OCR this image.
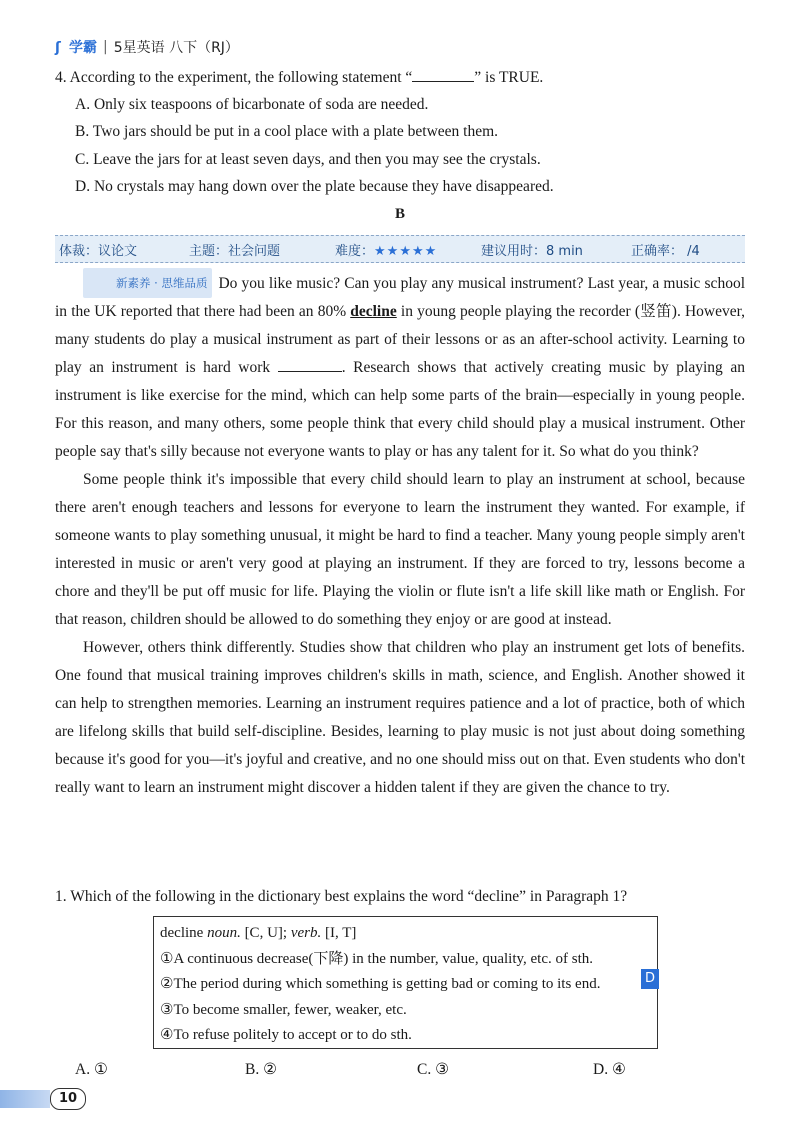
ʃ 学霸 | 5星英语 八下（RJ）
4. According to the experiment, the following statement “	” is TRUE.
A. Only six teaspoons of bicarbonate of soda are needed.
B. Two jars should be put in a cool place with a plate between them.
C. Leave the jars for at least seven days, and then you may see the crystals.
D. No crystals may hang down over the plate because they have disappeared.
B
体裁：议论文	主题：社会问题	难度：★★★★★	建议用时：8 min	正确率： /4

新素养 · 思维品质 Do you like music? Can you play any musical instrument? Last year, a music school in the UK reported that there had been an 80% decline in young people playing the recorder (竖笛). However, many students do play a musical instrument as part of their lessons or as an after-school activity. Learning to play an instrument is hard work	. Research shows that actively creating music by playing an instrument is like exercise for the mind, which can help some parts of the brain—especially in young people. For this reason, and many others, some people think that every child should play a musical instrument. Other people say that's silly because not everyone wants to play or has any talent for it. So what do you think?

Some people think it's impossible that every child should learn to play an instrument at school, because there aren't enough teachers and lessons for everyone to learn the instrument they wanted. For example, if someone wants to play something unusual, it might be hard to find a teacher. Many young people simply aren't interested in music or aren't very good at playing an instrument. If they are forced to try, lessons become a chore and they'll be put off music for life. Playing the violin or flute isn't a life skill like math or English. For that reason, children should be allowed to do something they enjoy or are good at instead.

However, others think differently. Studies show that children who play an instrument get lots of benefits. One found that musical training improves children's skills in math, science, and English. Another showed it can help to strengthen memories. Learning an instrument requires patience and a lot of practice, both of which are lifelong skills that build self-discipline. Besides, learning to play music is not just about doing something because it's good for you—it's joyful and creative, and no one should miss out on that. Even students who don't really want to learn an instrument might discover a hidden talent if they are given the chance to try.

1. Which of the following in the dictionary best explains the word “decline” in Paragraph 1?
decline noun. [C, U]; verb. [I, T]
①A continuous decrease(下降) in the number, value, quality, etc. of sth.
②The period during which something is getting bad or coming to its end.
③To become smaller, fewer, weaker, etc.
④To refuse politely to accept or to do sth.
D
A. ①	B. ②	C. ③	D. ④
10
